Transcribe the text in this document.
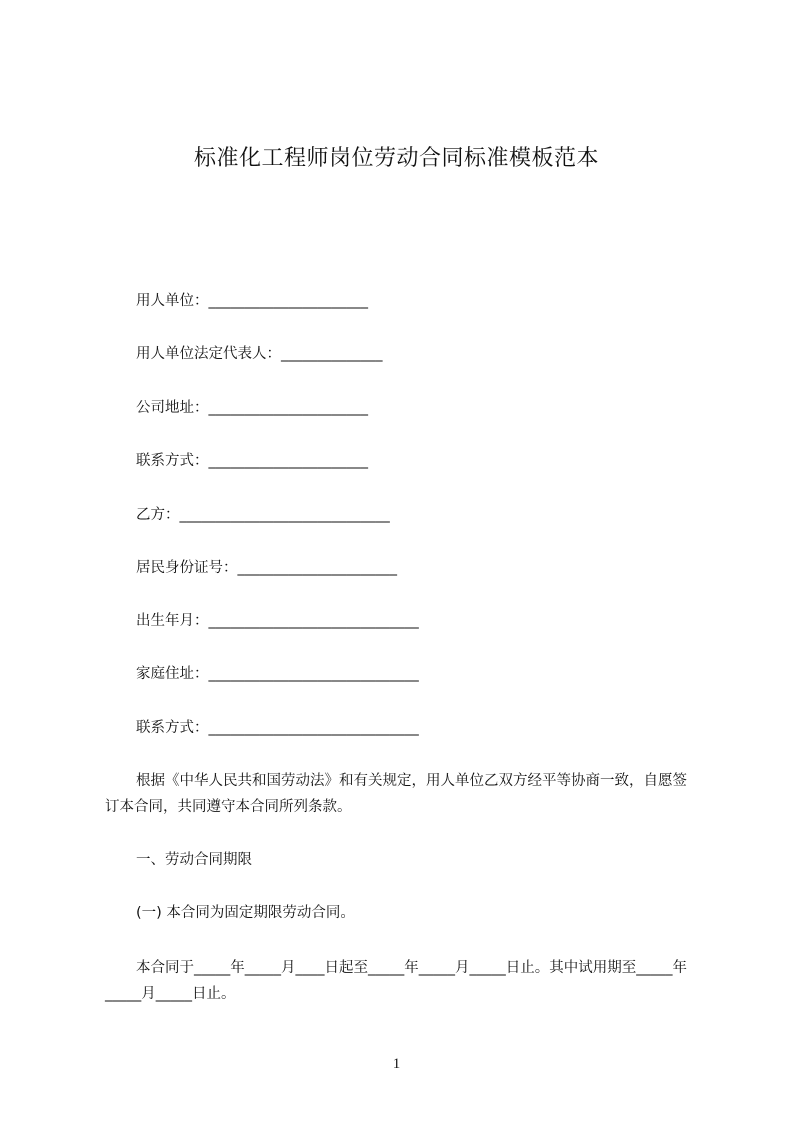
标准化工程师岗位劳动合同标准模板范本
用人单位：______________________
用人单位法定代表人：______________
公司地址：______________________
联系方式：______________________
乙方：_____________________________
居民身份证号：______________________
出生年月：_____________________________
家庭住址：_____________________________
联系方式：_____________________________
根据《中华人民共和国劳动法》和有关规定，用人单位乙双方经平等协商一致，自愿签订本合同，共同遵守本合同所列条款。
一、劳动合同期限
(一) 本合同为固定期限劳动合同。
本合同于_____年_____月____日起至_____年_____月_____日止。其中试用期至_____年_____月_____日止。
1
